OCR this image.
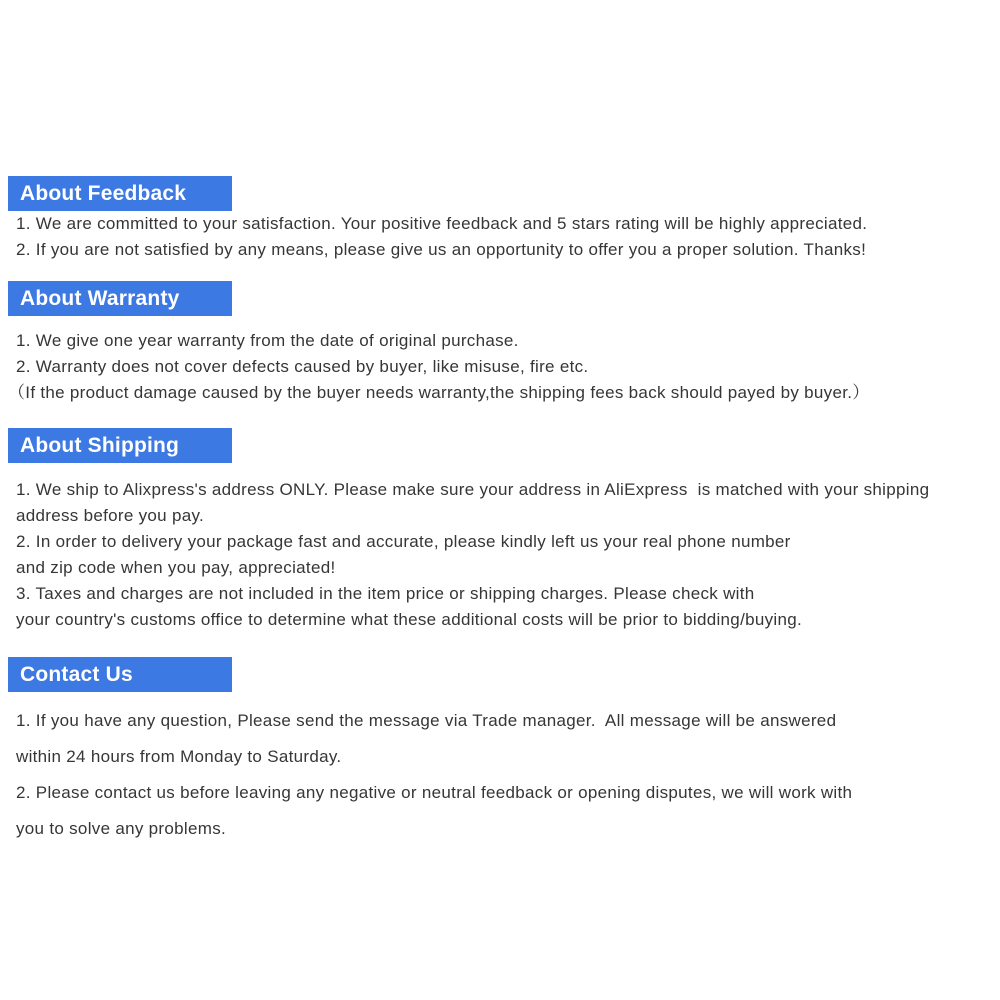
About Feedback
1. We are committed to your satisfaction. Your positive feedback and 5 stars rating will be highly appreciated.
2. If you are not satisfied by any means, please give us an opportunity to offer you a proper solution. Thanks!
About Warranty
1. We give one year warranty from the date of original purchase.
2. Warranty does not cover defects caused by buyer, like misuse, fire etc.
（If the product damage caused by the buyer needs warranty,the shipping fees back should payed by buyer.）
About Shipping
1. We ship to Alixpress's address ONLY. Please make sure your address in AliExpress  is matched with your shipping
address before you pay.
2. In order to delivery your package fast and accurate, please kindly left us your real phone number
and zip code when you pay, appreciated!
3. Taxes and charges are not included in the item price or shipping charges. Please check with
your country's customs office to determine what these additional costs will be prior to bidding/buying.
Contact Us
1. If you have any question, Please send the message via Trade manager.  All message will be answered
within 24 hours from Monday to Saturday.
2. Please contact us before leaving any negative or neutral feedback or opening disputes, we will work with
you to solve any problems.
